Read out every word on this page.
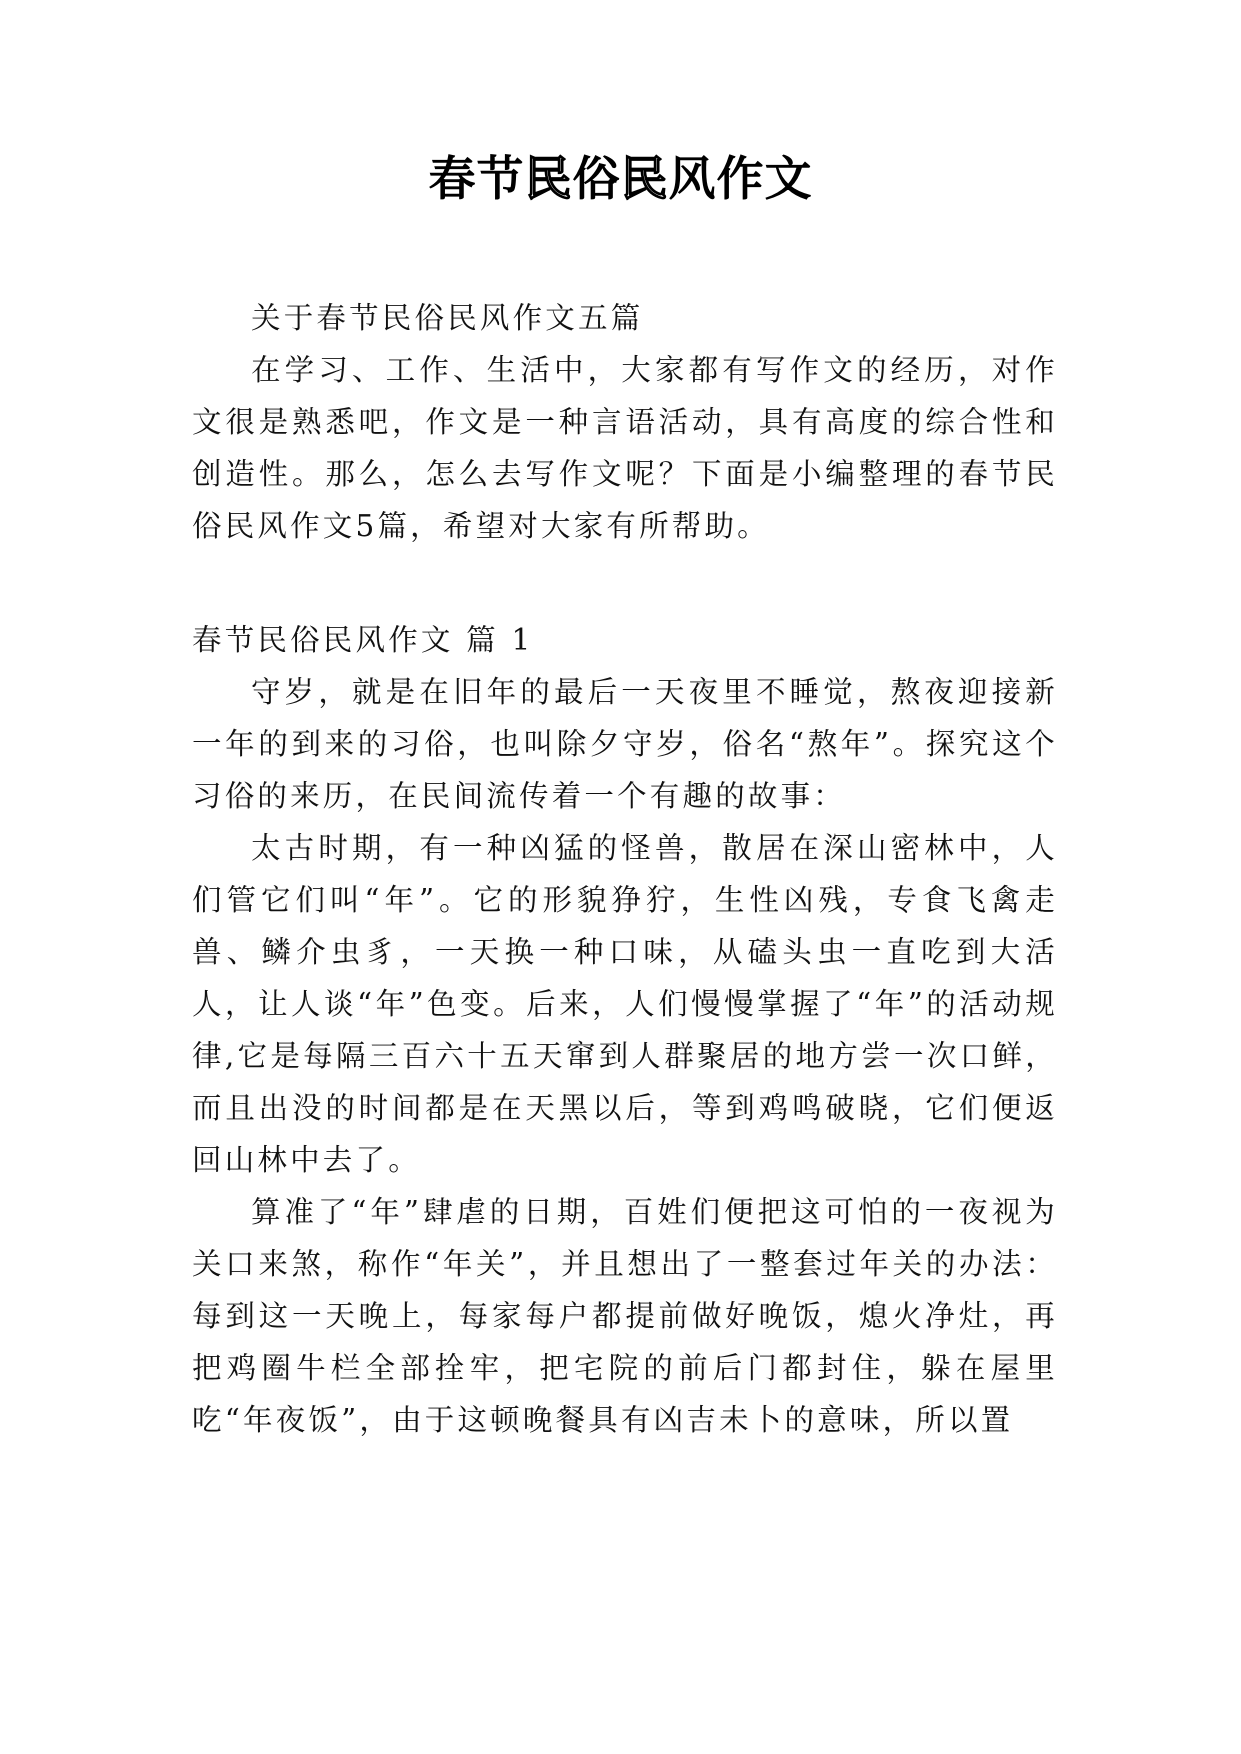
春节民俗民风作文

关于春节民俗民风作文五篇

在学习、工作、生活中，大家都有写作文的经历，对作文很是熟悉吧，作文是一种言语活动，具有高度的综合性和创造性。那么，怎么去写作文呢？下面是小编整理的春节民俗民风作文5篇，希望对大家有所帮助。

春节民俗民风作文 篇 1

守岁，就是在旧年的最后一天夜里不睡觉，熬夜迎接新一年的到来的习俗，也叫除夕守岁，俗名“熬年”。探究这个习俗的来历，在民间流传着一个有趣的故事：

太古时期，有一种凶猛的怪兽，散居在深山密林中，人们管它们叫“年”。它的形貌狰狞，生性凶残，专食飞禽走兽、鳞介虫豸，一天换一种口味，从磕头虫一直吃到大活人，让人谈“年”色变。后来，人们慢慢掌握了“年”的活动规律,它是每隔三百六十五天窜到人群聚居的地方尝一次口鲜，而且出没的时间都是在天黑以后，等到鸡鸣破晓，它们便返回山林中去了。

算准了“年”肆虐的日期，百姓们便把这可怕的一夜视为关口来煞，称作“年关”，并且想出了一整套过年关的办法：每到这一天晚上，每家每户都提前做好晚饭，熄火净灶，再把鸡圈牛栏全部拴牢，把宅院的前后门都封住，躲在屋里吃“年夜饭”，由于这顿晚餐具有凶吉未卜的意味，所以置
